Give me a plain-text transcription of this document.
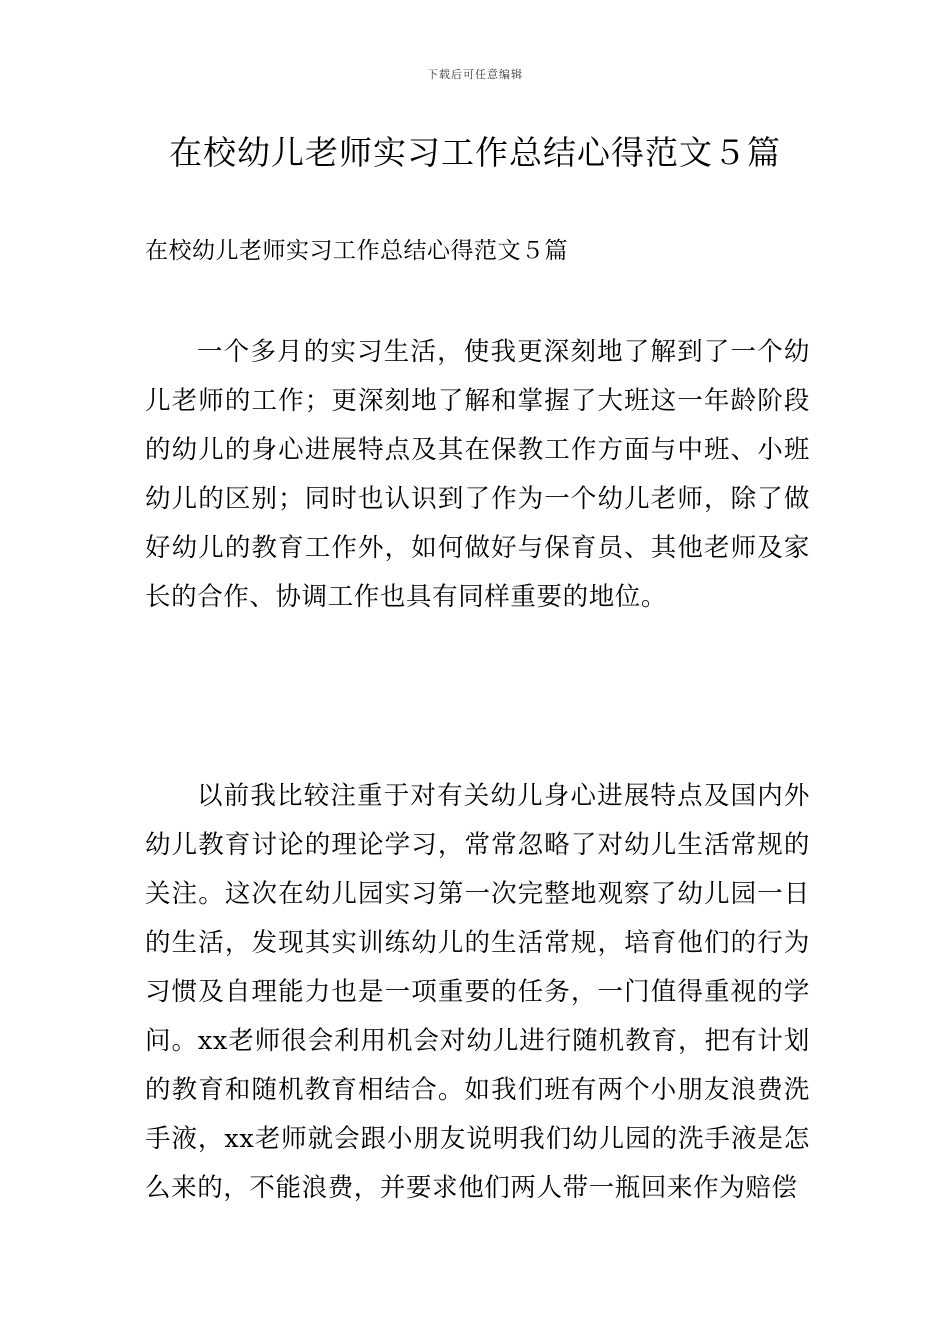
下载后可任意编辑
在校幼儿老师实习工作总结心得范文５篇

在校幼儿老师实习工作总结心得范文５篇

一个多月的实习生活，使我更深刻地了解到了一个幼儿老师的工作；更深刻地了解和掌握了大班这一年龄阶段的幼儿的身心进展特点及其在保教工作方面与中班、小班幼儿的区别；同时也认识到了作为一个幼儿老师，除了做好幼儿的教育工作外，如何做好与保育员、其他老师及家长的合作、协调工作也具有同样重要的地位。

以前我比较注重于对有关幼儿身心进展特点及国内外幼儿教育讨论的理论学习，常常忽略了对幼儿生活常规的关注。这次在幼儿园实习第一次完整地观察了幼儿园一日的生活，发现其实训练幼儿的生活常规，培育他们的行为习惯及自理能力也是一项重要的任务，一门值得重视的学问。xx老师很会利用机会对幼儿进行随机教育，把有计划的教育和随机教育相结合。如我们班有两个小朋友浪费洗手液，xx老师就会跟小朋友说明我们幼儿园的洗手液是怎么来的，不能浪费，并要求他们两人带一瓶回来作为赔偿
